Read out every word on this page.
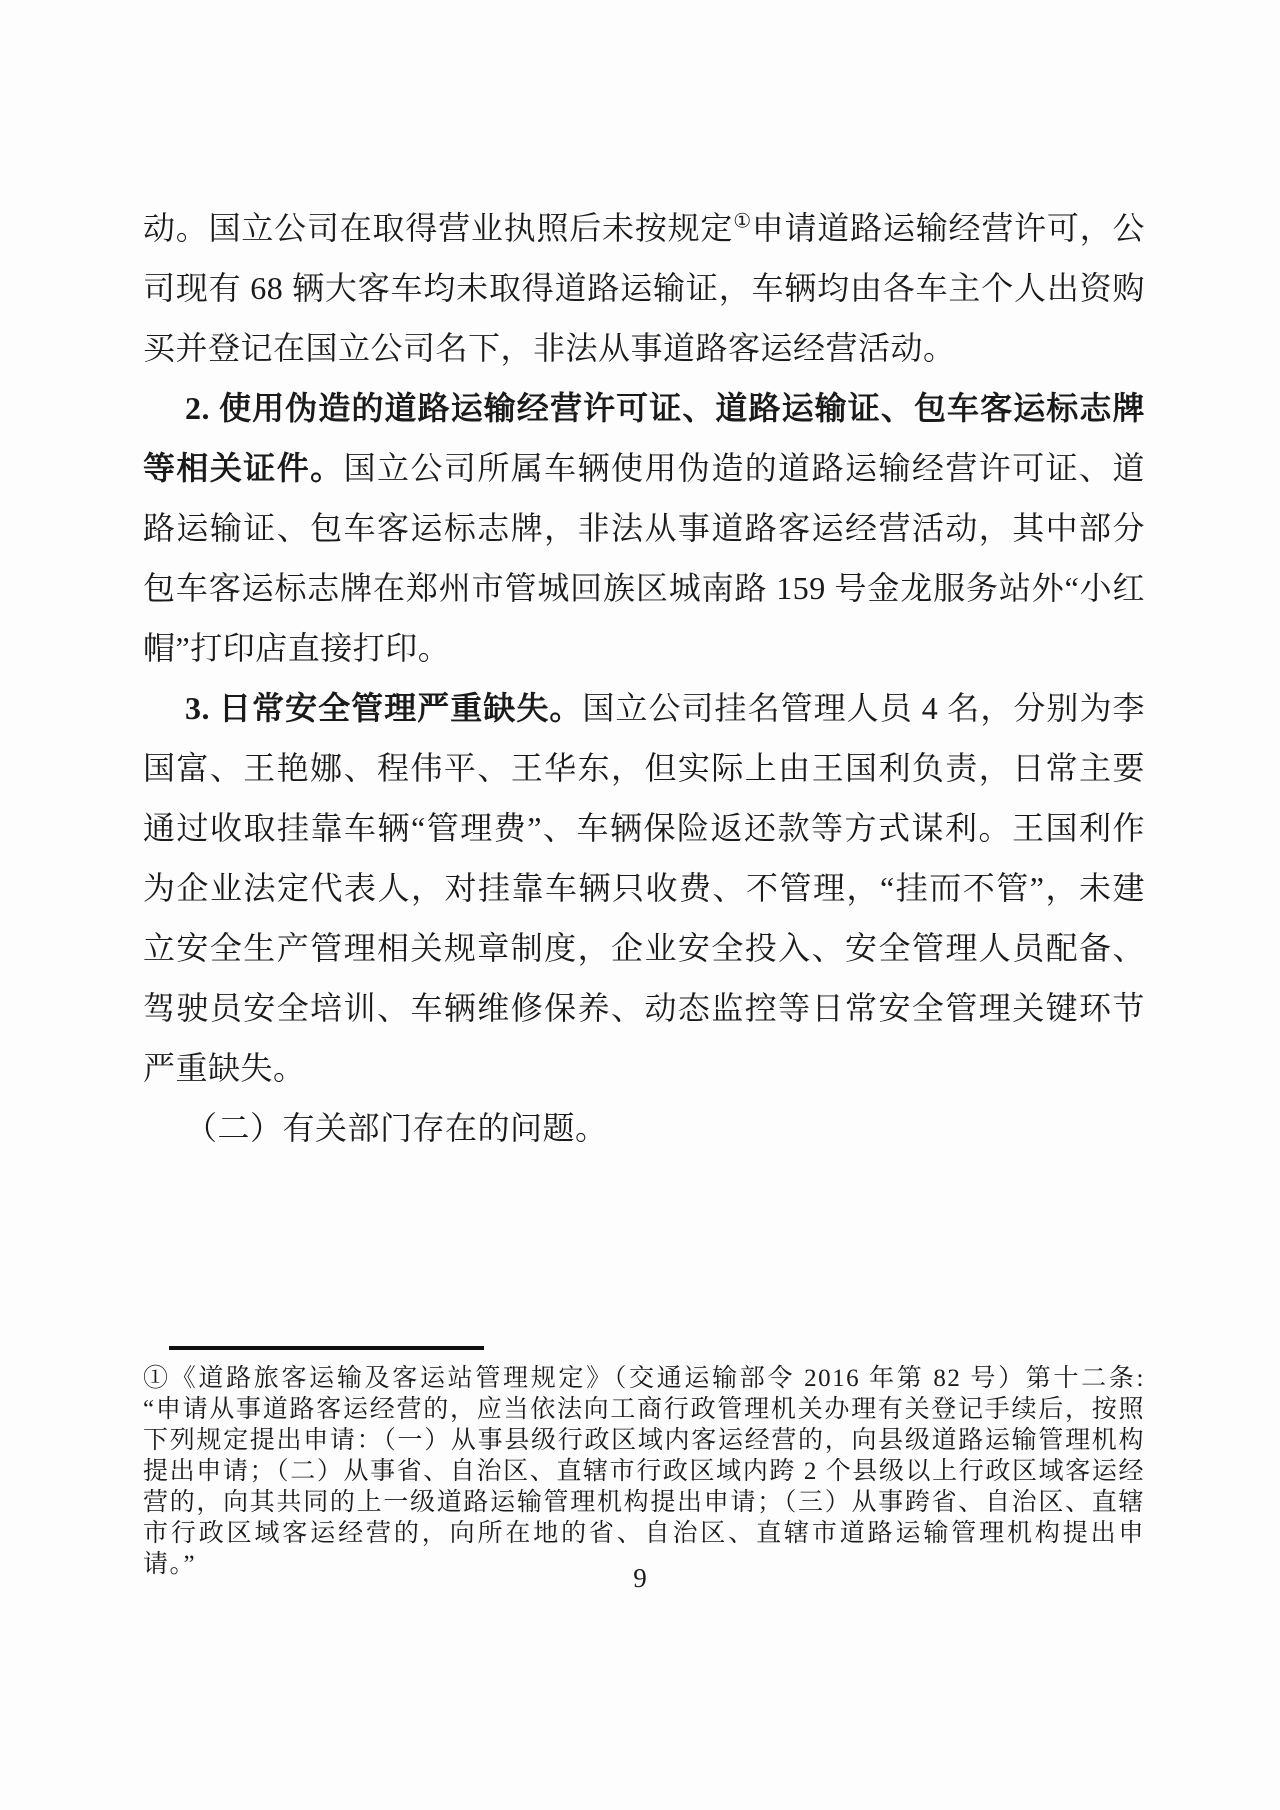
动。国立公司在取得营业执照后未按规定①申请道路运输经营许可，公司现有 68 辆大客车均未取得道路运输证，车辆均由各车主个人出资购买并登记在国立公司名下，非法从事道路客运经营活动。

2. 使用伪造的道路运输经营许可证、道路运输证、包车客运标志牌等相关证件。国立公司所属车辆使用伪造的道路运输经营许可证、道路运输证、包车客运标志牌，非法从事道路客运经营活动，其中部分包车客运标志牌在郑州市管城回族区城南路 159 号金龙服务站外“小红帽”打印店直接打印。

3. 日常安全管理严重缺失。国立公司挂名管理人员 4 名，分别为李国富、王艳娜、程伟平、王华东，但实际上由王国利负责，日常主要通过收取挂靠车辆“管理费”、车辆保险返还款等方式谋利。王国利作为企业法定代表人，对挂靠车辆只收费、不管理，“挂而不管”，未建立安全生产管理相关规章制度，企业安全投入、安全管理人员配备、驾驶员安全培训、车辆维修保养、动态监控等日常安全管理关键环节严重缺失。

（二）有关部门存在的问题。

①《道路旅客运输及客运站管理规定》（交通运输部令 2016 年第 82 号）第十二条: “申请从事道路客运经营的，应当依法向工商行政管理机关办理有关登记手续后，按照下列规定提出申请：（一）从事县级行政区域内客运经营的，向县级道路运输管理机构提出申请；（二）从事省、自治区、直辖市行政区域内跨 2 个县级以上行政区域客运经营的，向其共同的上一级道路运输管理机构提出申请；（三）从事跨省、自治区、直辖市行政区域客运经营的，向所在地的省、自治区、直辖市道路运输管理机构提出申请。”	9
